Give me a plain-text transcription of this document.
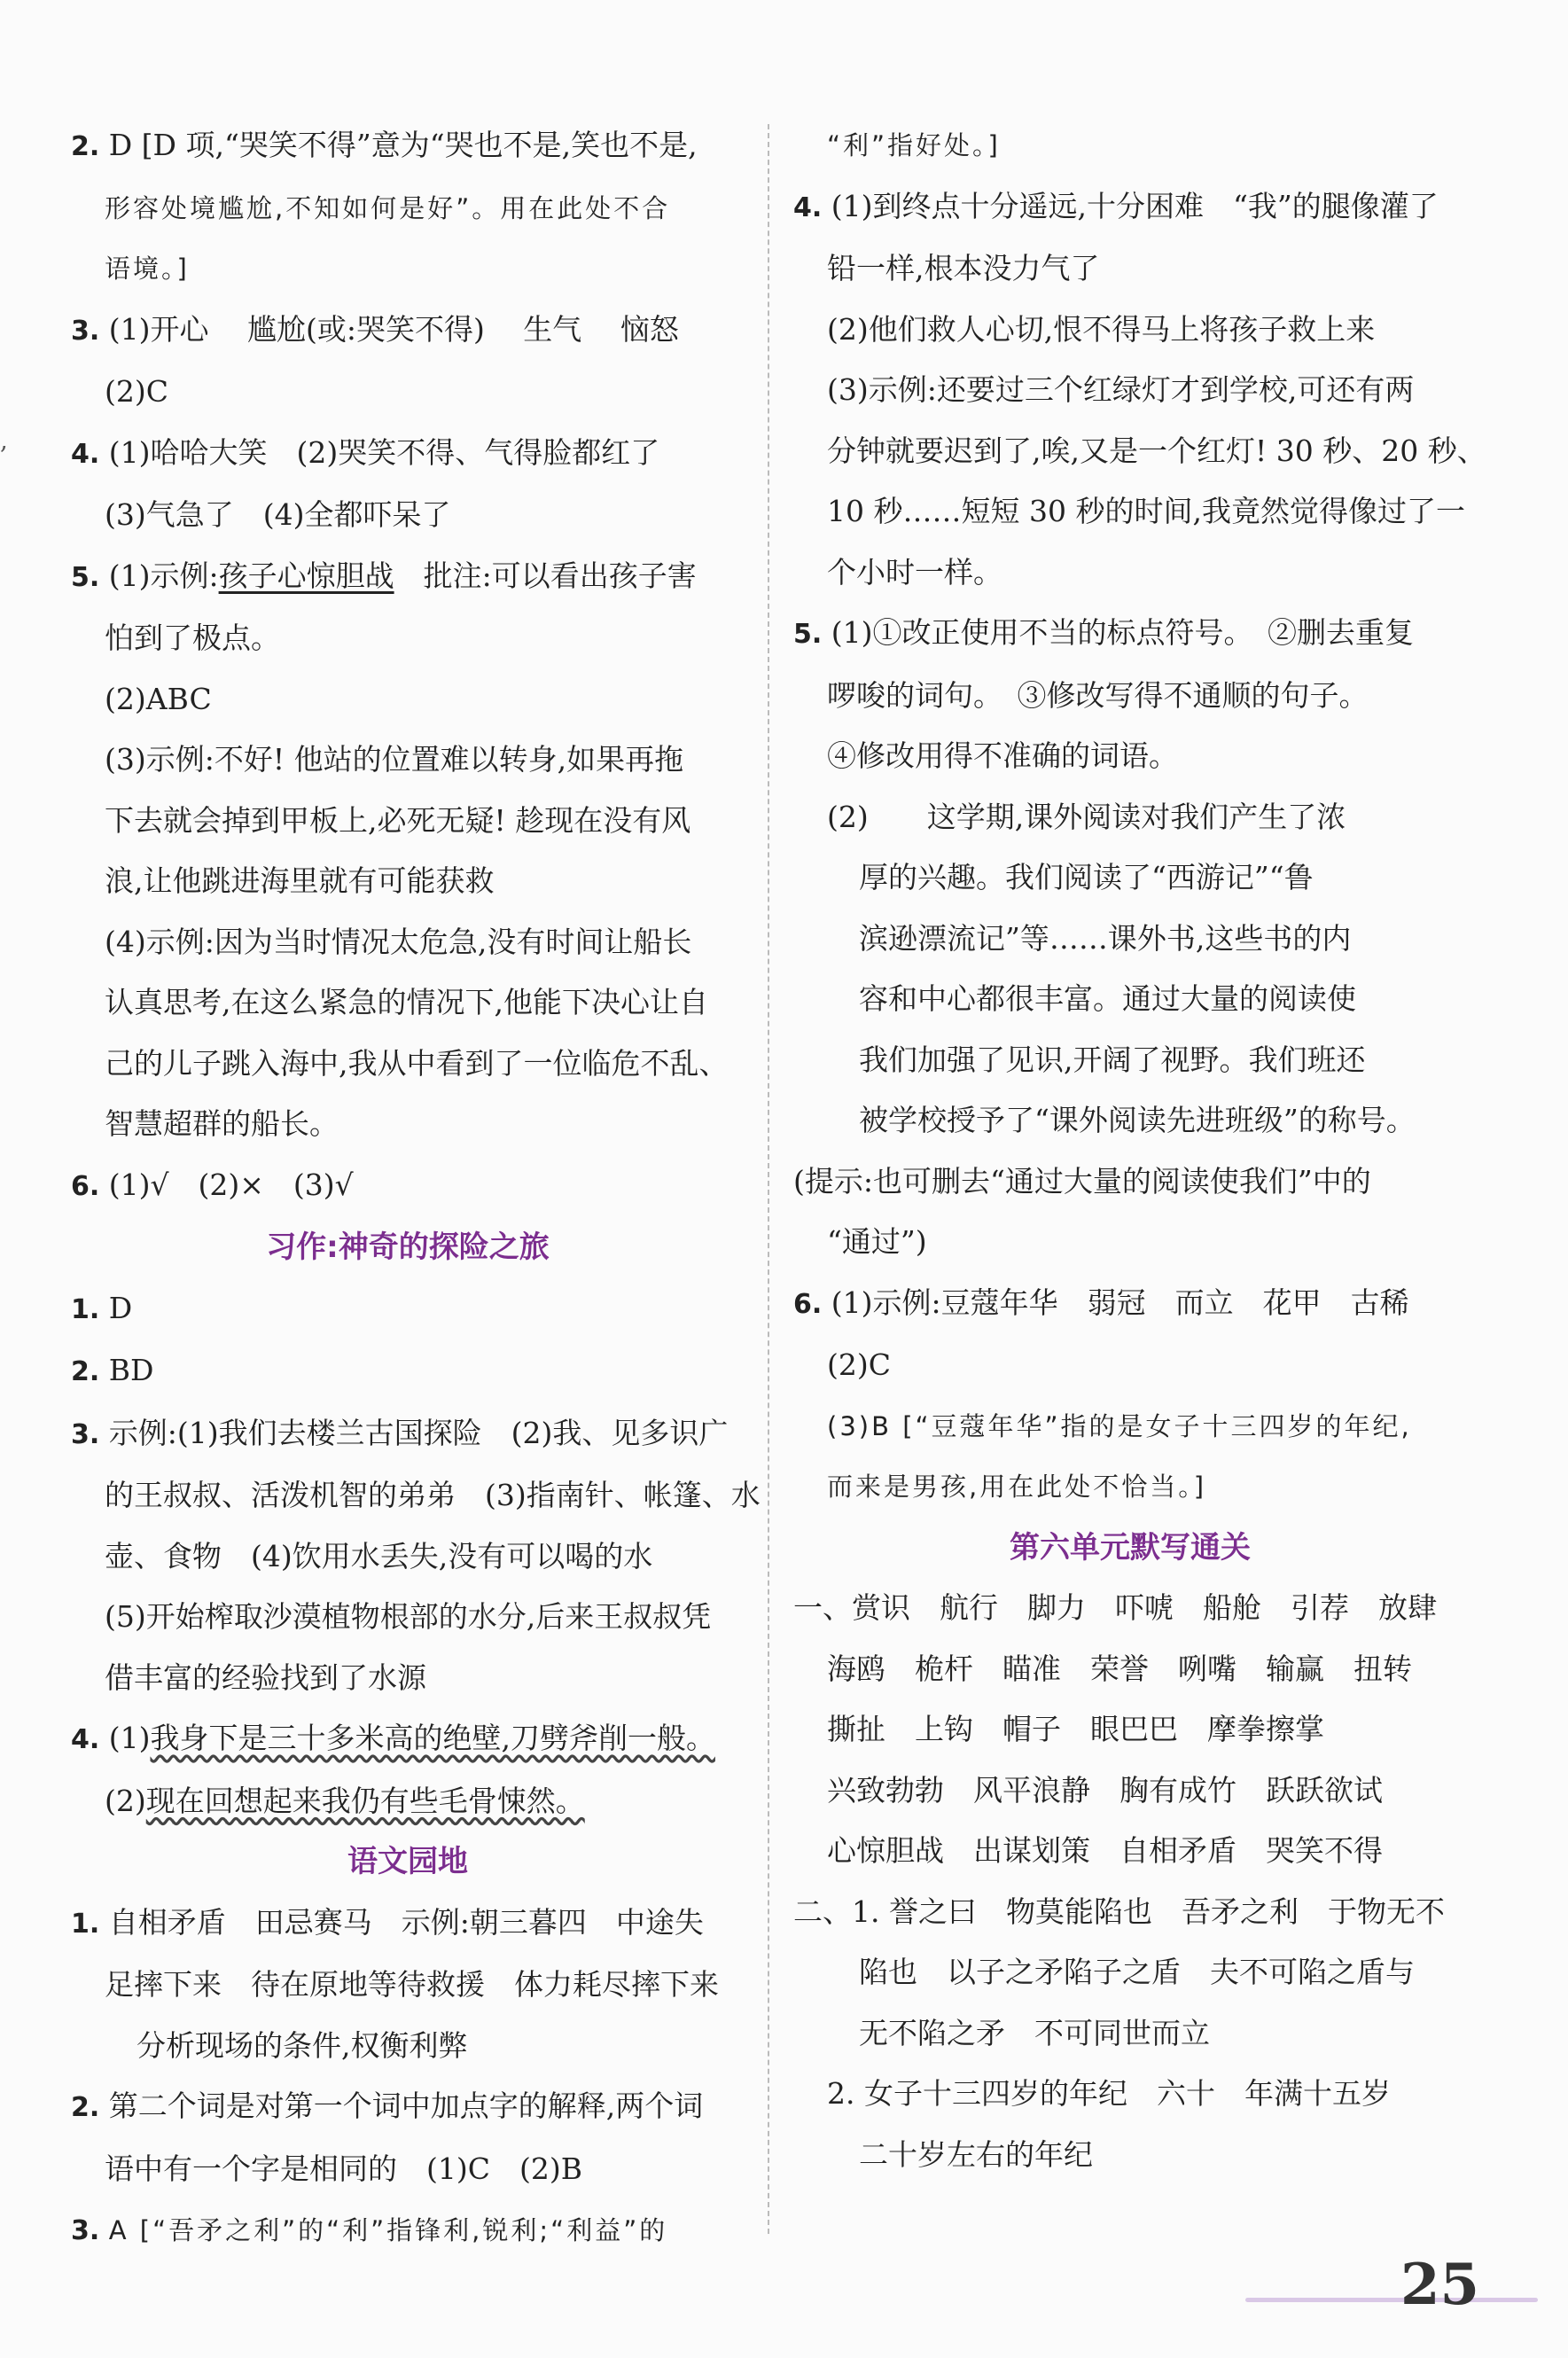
,
2. D [D 项,“哭笑不得”意为“哭也不是,笑也不是,
形容处境尴尬,不知如何是好”。用在此处不合
语境。]
3. (1)开心　 尴尬(或:哭笑不得)　 生气　 恼怒
(2)C
4. (1)哈哈大笑　(2)哭笑不得、气得脸都红了
(3)气急了　(4)全都吓呆了
5. (1)示例:孩子心惊胆战　批注:可以看出孩子害
怕到了极点。
(2)ABC
(3)示例:不好! 他站的位置难以转身,如果再拖
下去就会掉到甲板上,必死无疑! 趁现在没有风
浪,让他跳进海里就有可能获救
(4)示例:因为当时情况太危急,没有时间让船长
认真思考,在这么紧急的情况下,他能下决心让自
己的儿子跳入海中,我从中看到了一位临危不乱、
智慧超群的船长。
6. (1)√　(2)×　(3)√
习作:神奇的探险之旅
1. D
2. BD
3. 示例:(1)我们去楼兰古国探险　(2)我、见多识广
的王叔叔、活泼机智的弟弟　(3)指南针、帐篷、水
壶、食物　(4)饮用水丢失,没有可以喝的水
(5)开始榨取沙漠植物根部的水分,后来王叔叔凭
借丰富的经验找到了水源
4. (1)我身下是三十多米高的绝壁,刀劈斧削一般。
(2)现在回想起来我仍有些毛骨悚然。
语文园地
1. 自相矛盾　田忌赛马　示例:朝三暮四　中途失
足摔下来　待在原地等待救援　体力耗尽摔下来
分析现场的条件,权衡利弊
2. 第二个词是对第一个词中加点字的解释,两个词
语中有一个字是相同的　(1)C　(2)B
3. A [“吾矛之利”的“利”指锋利,锐利;“利益”的
“利”指好处。]
4. (1)到终点十分遥远,十分困难　“我”的腿像灌了
铅一样,根本没力气了
(2)他们救人心切,恨不得马上将孩子救上来
(3)示例:还要过三个红绿灯才到学校,可还有两
分钟就要迟到了,唉,又是一个红灯! 30 秒、20 秒、
10 秒……短短 30 秒的时间,我竟然觉得像过了一
个小时一样。
5. (1)①改正使用不当的标点符号。　②删去重复
啰唆的词句。　③修改写得不通顺的句子。
④修改用得不准确的词语。
(2)　　这学期,课外阅读对我们产生了浓
厚的兴趣。我们阅读了“西游记”“鲁
滨逊漂流记”等……课外书,这些书的内
容和中心都很丰富。通过大量的阅读使
我们加强了见识,开阔了视野。我们班还
被学校授予了“课外阅读先进班级”的称号。
(提示:也可删去“通过大量的阅读使我们”中的
“通过”)
6. (1)示例:豆蔻年华　弱冠　而立　花甲　古稀
(2)C
(3)B [“豆蔻年华”指的是女子十三四岁的年纪,
而来是男孩,用在此处不恰当。]
第六单元默写通关
一、赏识　航行　脚力　吓唬　船舱　引荐　放肆
海鸥　桅杆　瞄准　荣誉　咧嘴　输赢　扭转
撕扯　上钩　帽子　眼巴巴　摩拳擦掌
兴致勃勃　风平浪静　胸有成竹　跃跃欲试
心惊胆战　出谋划策　自相矛盾　哭笑不得
二、1. 誉之曰　物莫能陷也　吾矛之利　于物无不
陷也　以子之矛陷子之盾　夫不可陷之盾与
无不陷之矛　不可同世而立
2. 女子十三四岁的年纪　六十　年满十五岁
二十岁左右的年纪
25
